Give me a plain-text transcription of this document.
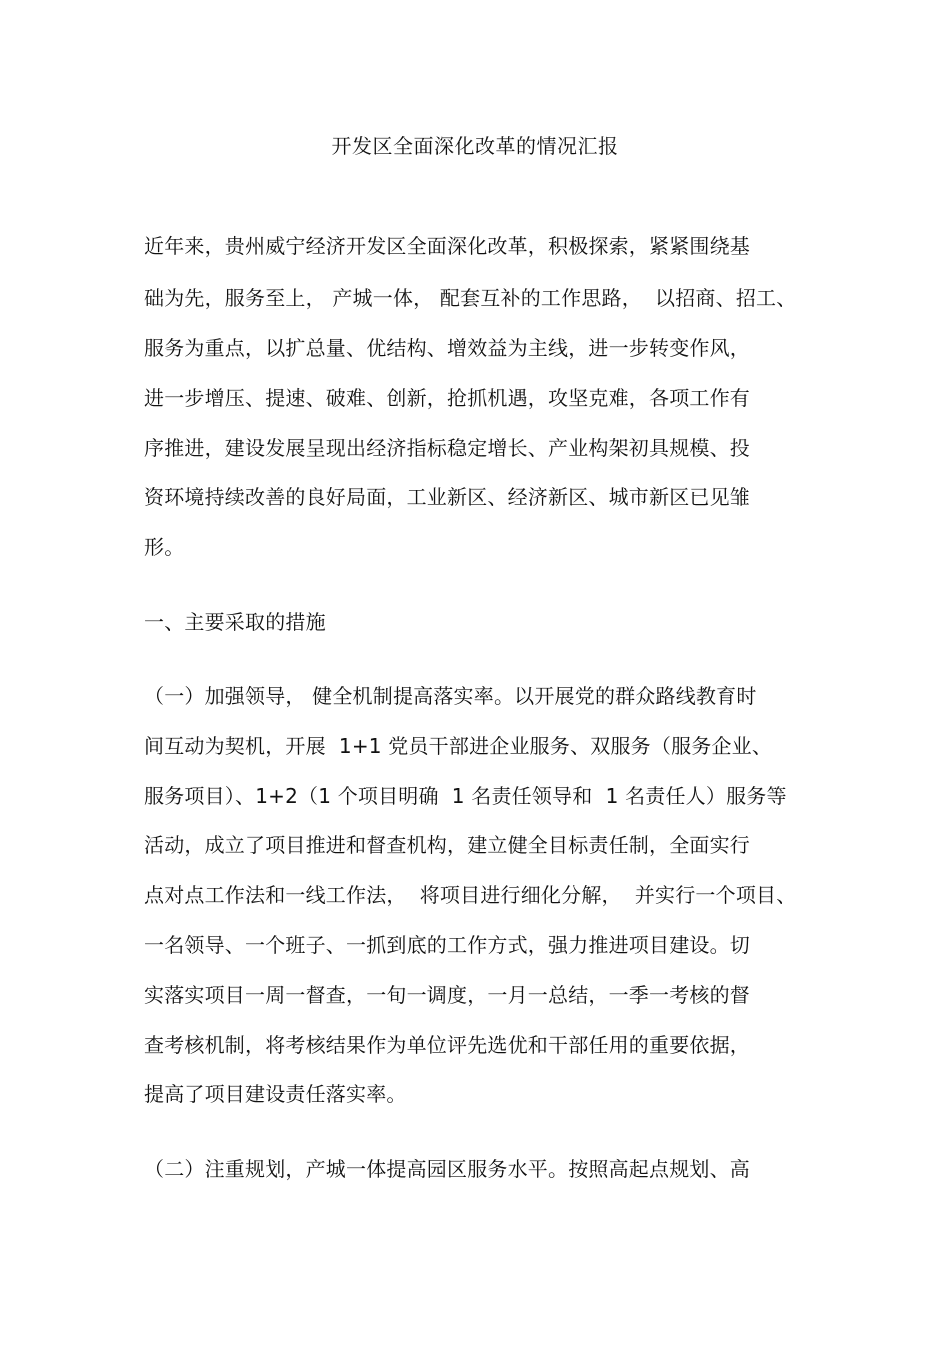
开发区全面深化改革的情况汇报
近年来，贵州威宁经济开发区全面深化改革，积极探索，紧紧围绕基
础为先，服务至上， 产城一体， 配套互补的工作思路，  以招商、招工、
服务为重点，以扩总量、优结构、增效益为主线，进一步转变作风，
进一步增压、提速、破难、创新，抢抓机遇，攻坚克难，各项工作有
序推进，建设发展呈现出经济指标稳定增长、产业构架初具规模、投
资环境持续改善的良好局面，工业新区、经济新区、城市新区已见雏
形。
一、主要采取的措施
（一）加强领导， 健全机制提高落实率。以开展党的群众路线教育时
间互动为契机，开展  1+1 党员干部进企业服务、双服务（服务企业、
服务项目）、1+2（1 个项目明确  1 名责任领导和  1 名责任人）服务等
活动，成立了项目推进和督查机构，建立健全目标责任制，全面实行
点对点工作法和一线工作法，  将项目进行细化分解，  并实行一个项目、
一名领导、一个班子、一抓到底的工作方式，强力推进项目建设。切
实落实项目一周一督查，一旬一调度，一月一总结，一季一考核的督
查考核机制，将考核结果作为单位评先选优和干部任用的重要依据，
提高了项目建设责任落实率。
（二）注重规划，产城一体提高园区服务水平。按照高起点规划、高
